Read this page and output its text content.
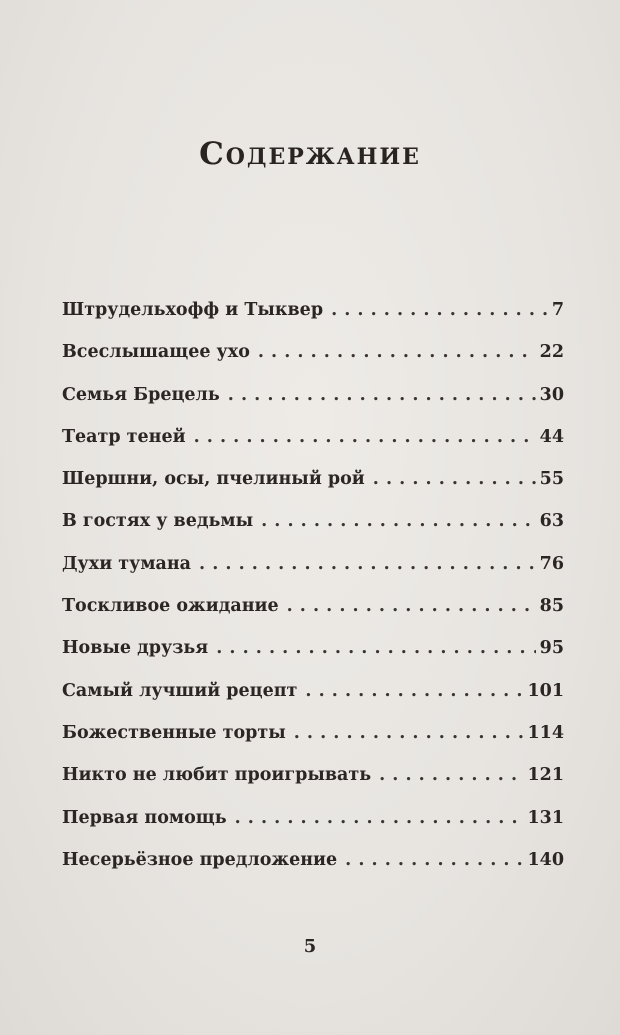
Содержание
Штрудельхофф и Тыквер . . .	7
Всеслышащее ухо . . .	22
Семья Брецель . . .	30
Театр теней . . .	44
Шершни, осы, пчелиный рой . . .	55
В гостях у ведьмы . . .	63
Духи тумана . . .	76
Тоскливое ожидание . . .	85
Новые друзья . . .	95
Самый лучший рецепт . . .	101
Божественные торты . . .	114
Никто не любит проигрывать . . .	121
Первая помощь . . .	131
Несерьёзное предложение . . .	140
5
